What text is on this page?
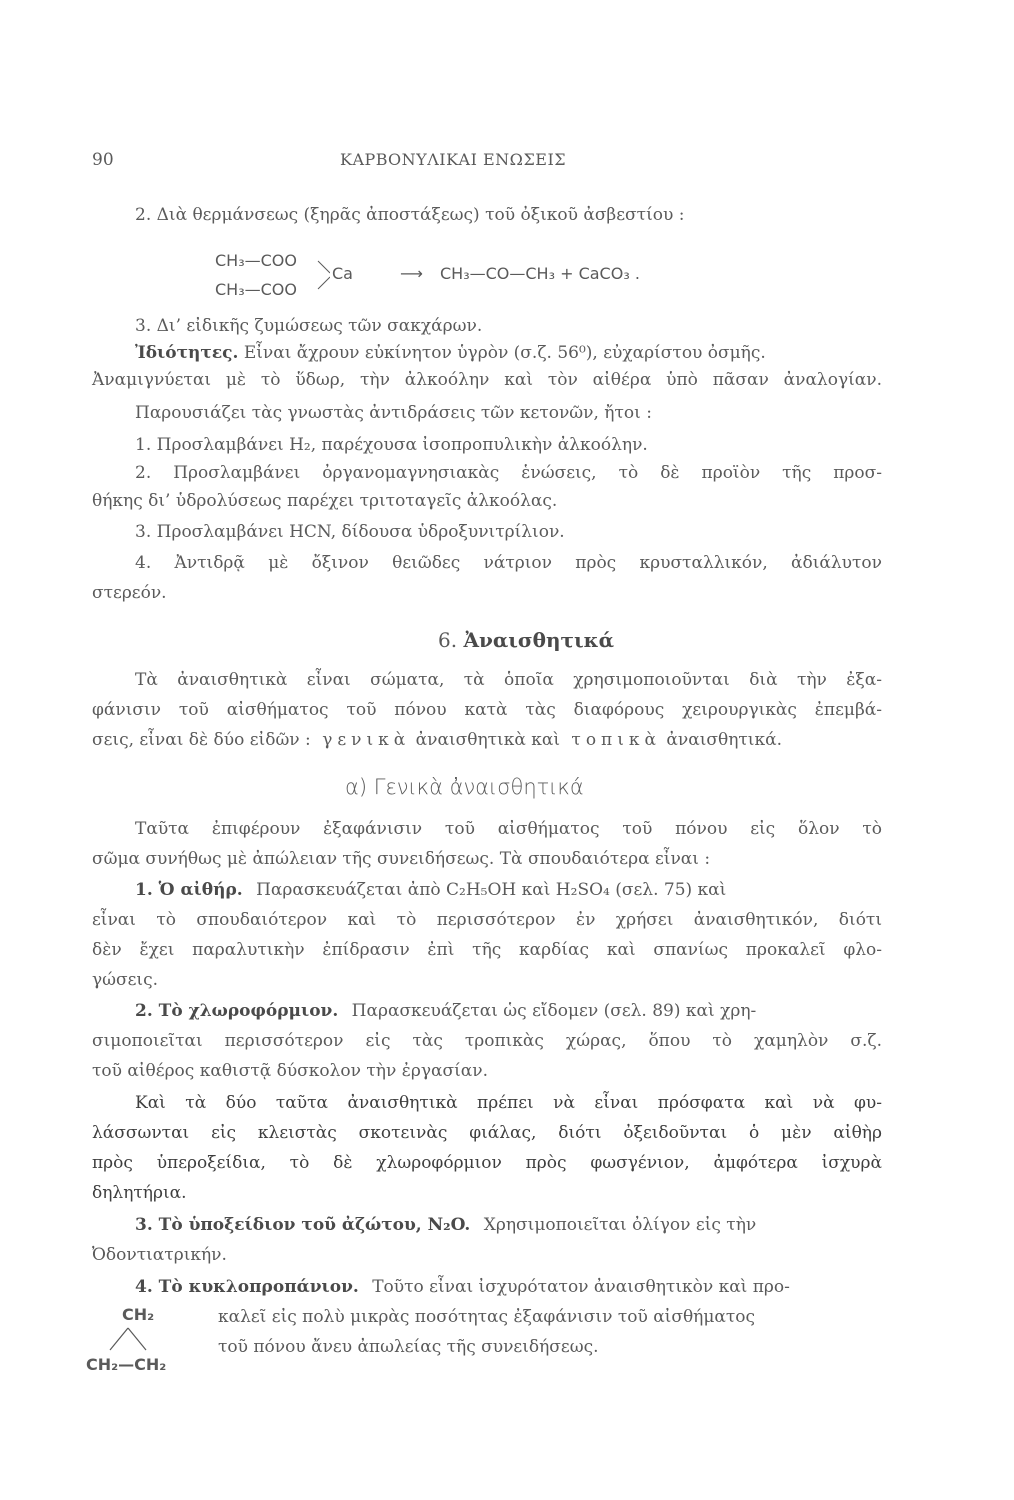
90	ΚΑΡΒΟΝΥΛΙΚΑΙ ΕΝΩΣΕΙΣ
2. Διὰ θερμάνσεως (ξηρᾶς ἀποστάξεως) τοῦ ὀξικοῦ ἀσβεστίου :
CH₃—COO
CH₃—COO
Ca	⟶ CH₃—CO—CH₃ + CaCO₃ .
3. Δι’ εἰδικῆς ζυμώσεως τῶν σακχάρων.
Ἰδιότητες. Εἶναι ἄχρουν εὐκίνητον ὑγρὸν (σ.ζ. 56⁰), εὐχαρίστου ὀσμῆς.
Ἀναμιγνύεται μὲ τὸ ὕδωρ, τὴν ἀλκοόλην καὶ τὸν αἰθέρα ὑπὸ πᾶσαν ἀναλογίαν.
Παρουσιάζει τὰς γνωστὰς ἀντιδράσεις τῶν κετονῶν, ἤτοι :
1. Προσλαμβάνει H₂, παρέχουσα ἰσοπροπυλικὴν ἀλκοόλην.
2. Προσλαμβάνει ὀργανομαγνησιακὰς ἑνώσεις, τὸ δὲ προϊὸν τῆς προσ-
θήκης δι’ ὑδρολύσεως παρέχει τριτοταγεῖς ἀλκοόλας.
3. Προσλαμβάνει HCN, δίδουσα ὑδροξυνιτρίλιον.
4. Ἀντιδρᾷ μὲ ὄξινον θειῶδες νάτριον πρὸς κρυσταλλικόν, ἀδιάλυτον
στερεόν.
6. Ἀναισθητικά
Τὰ ἀναισθητικὰ εἶναι σώματα, τὰ ὁποῖα χρησιμοποιοῦνται διὰ τὴν ἐξα-
φάνισιν τοῦ αἰσθήματος τοῦ πόνου κατὰ τὰς διαφόρους χειρουργικὰς ἐπεμβά-
σεις, εἶναι δὲ δύο εἰδῶν : γενικὰ ἀναισθητικὰ καὶ τοπικὰ ἀναισθητικά.
α) Γενικὰ ἀναισθητικά
Ταῦτα ἐπιφέρουν ἐξαφάνισιν τοῦ αἰσθήματος τοῦ πόνου εἰς ὅλον τὸ
σῶμα συνήθως μὲ ἀπώλειαν τῆς συνειδήσεως. Τὰ σπουδαιότερα εἶναι :
1. Ὁ αἰθήρ. Παρασκευάζεται ἀπὸ C₂H₅OH καὶ H₂SO₄ (σελ. 75) καὶ
εἶναι τὸ σπουδαιότερον καὶ τὸ περισσότερον ἐν χρήσει ἀναισθητικόν, διότι
δὲν ἔχει παραλυτικὴν ἐπίδρασιν ἐπὶ τῆς καρδίας καὶ σπανίως προκαλεῖ φλο-
γώσεις.
2. Τὸ χλωροφόρμιον. Παρασκευάζεται ὡς εἴδομεν (σελ. 89) καὶ χρη-
σιμοποιεῖται περισσότερον εἰς τὰς τροπικὰς χώρας, ὅπου τὸ χαμηλὸν σ.ζ.
τοῦ αἰθέρος καθιστᾷ δύσκολον τὴν ἐργασίαν.
Καὶ τὰ δύο ταῦτα ἀναισθητικὰ πρέπει νὰ εἶναι πρόσφατα καὶ νὰ φυ-
λάσσωνται εἰς κλειστὰς σκοτεινὰς φιάλας, διότι ὀξειδοῦνται ὁ μὲν αἰθὴρ
πρὸς ὑπεροξείδια, τὸ δὲ χλωροφόρμιον πρὸς φωσγένιον, ἀμφότερα ἰσχυρὰ
δηλητήρια.
3. Τὸ ὑποξείδιον τοῦ ἀζώτου, N₂O. Χρησιμοποιεῖται ὀλίγον εἰς τὴν
Ὀδοντιατρικήν.
4. Τὸ κυκλοπροπάνιον. Τοῦτο εἶναι ἰσχυρότατον ἀναισθητικὸν καὶ προ-
καλεῖ εἰς πολὺ μικρὰς ποσότητας ἐξαφάνισιν τοῦ αἰσθήματος
τοῦ πόνου ἄνευ ἀπωλείας τῆς συνειδήσεως.
CH₂
CH₂—CH₂
